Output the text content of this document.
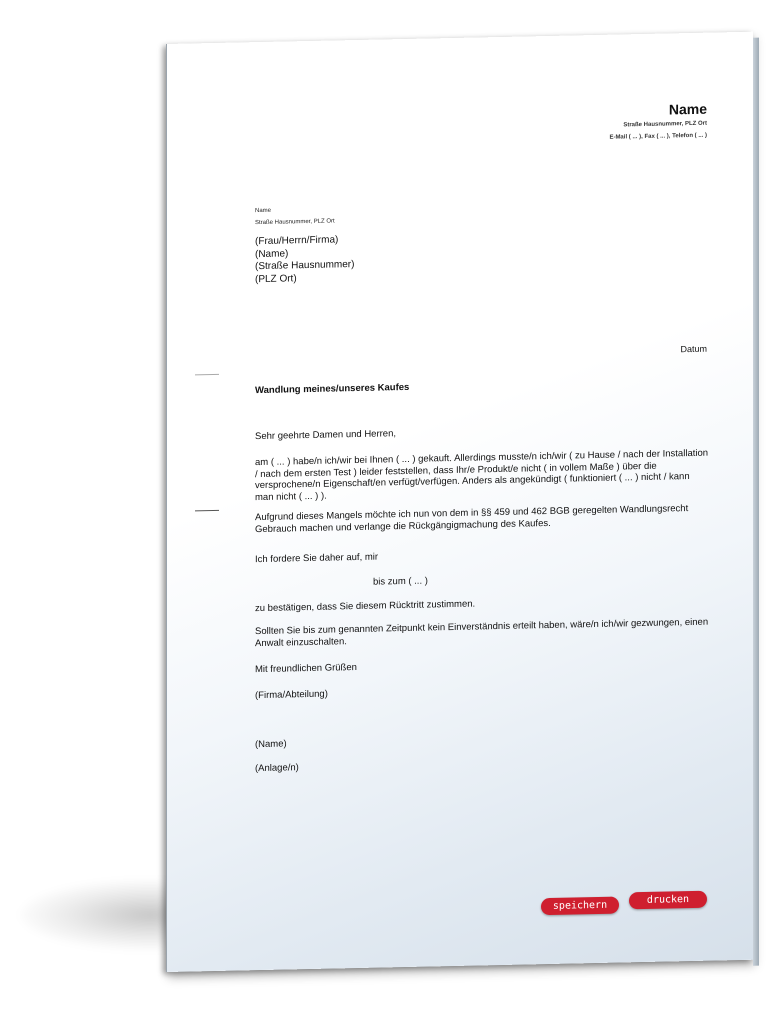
Name
Straße Hausnummer, PLZ Ort
E-Mail ( ... ), Fax ( ... ), Telefon ( ... )
Name
Straße Hausnummer, PLZ Ort
(Frau/Herrn/Firma)
(Name)
(Straße Hausnummer)
(PLZ Ort)
Datum
Wandlung meines/unseres Kaufes
Sehr geehrte Damen und Herren,
am ( ... ) habe/n ich/wir bei Ihnen ( ... ) gekauft. Allerdings musste/n ich/wir ( zu Hause / nach der Installation / nach dem ersten Test ) leider feststellen, dass Ihr/e Produkt/e nicht ( in vollem Maße ) über die versprochene/n Eigenschaft/en verfügt/verfügen. Anders als angekündigt ( funktioniert ( ... ) nicht / kann man nicht ( ... ) ).
Aufgrund dieses Mangels möchte ich nun von dem in §§ 459 und 462 BGB geregelten Wandlungsrecht Gebrauch machen und verlange die Rückgängigmachung des Kaufes.
Ich fordere Sie daher auf, mir
bis zum ( ... )
zu bestätigen, dass Sie diesem Rücktritt zustimmen.
Sollten Sie bis zum genannten Zeitpunkt kein Einverständnis erteilt haben, wäre/n ich/wir gezwungen, einen Anwalt einzuschalten.
Mit freundlichen Grüßen
(Firma/Abteilung)
(Name)
(Anlage/n)
speichern	drucken
